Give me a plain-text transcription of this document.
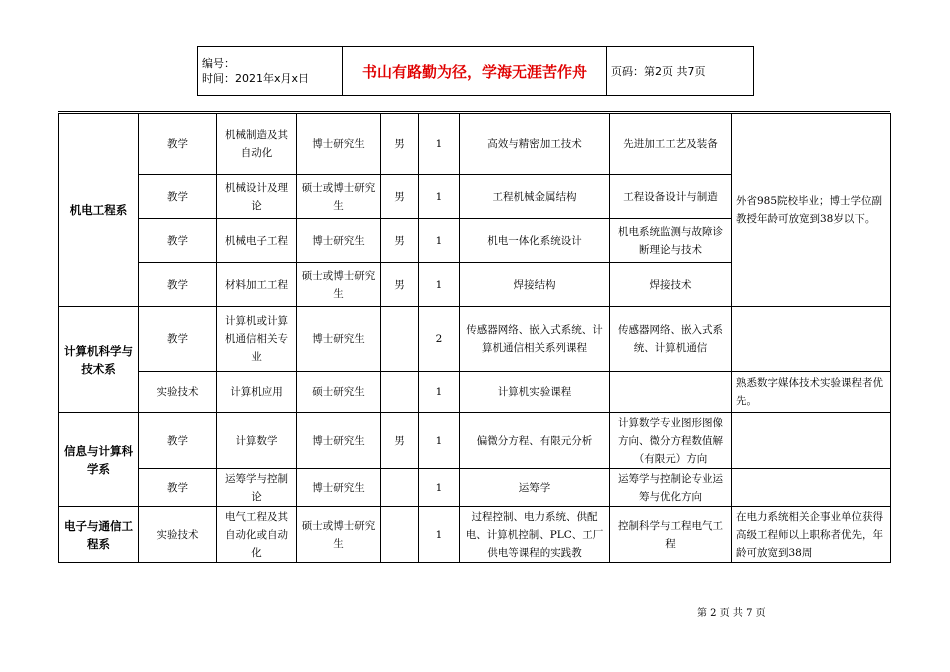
编号：
时间：2021年x月x日	书山有路勤为径，学海无涯苦作舟	页码：第2页 共7页
机电工程系	教学	机械制造及其自动化	博士研究生	男	1	高效与精密加工技术	先进加工工艺及装备	外省985院校毕业；博士学位副教授年龄可放宽到38岁以下。
	教学	机械设计及理论	硕士或博士研究生	男	1	工程机械金属结构	工程设备设计与制造	
	教学	机械电子工程	博士研究生	男	1	机电一体化系统设计	机电系统监测与故障诊断理论与技术	
	教学	材料加工工程	硕士或博士研究生	男	1	焊接结构	焊接技术	
计算机科学与技术系	教学	计算机或计算机通信相关专业	博士研究生		2	传感器网络、嵌入式系统、计算机通信相关系列课程	传感器网络、嵌入式系统、计算机通信	
	实验技术	计算机应用	硕士研究生		1	计算机实验课程		熟悉数字媒体技术实验课程者优先。
信息与计算科学系	教学	计算数学	博士研究生	男	1	偏微分方程、有限元分析	计算数学专业图形图像方向、微分方程数值解（有限元）方向	
	教学	运筹学与控制论	博士研究生		1	运筹学	运筹学与控制论专业运筹与优化方向	
电子与通信工程系	实验技术	电气工程及其自动化或自动化	硕士或博士研究生		1	过程控制、电力系统、供配电、计算机控制、PLC、工厂供电等课程的实践教	控制科学与工程电气工程	在电力系统相关企事业单位获得高级工程师以上职称者优先，年龄可放宽到38周
第 2 页 共 7 页
